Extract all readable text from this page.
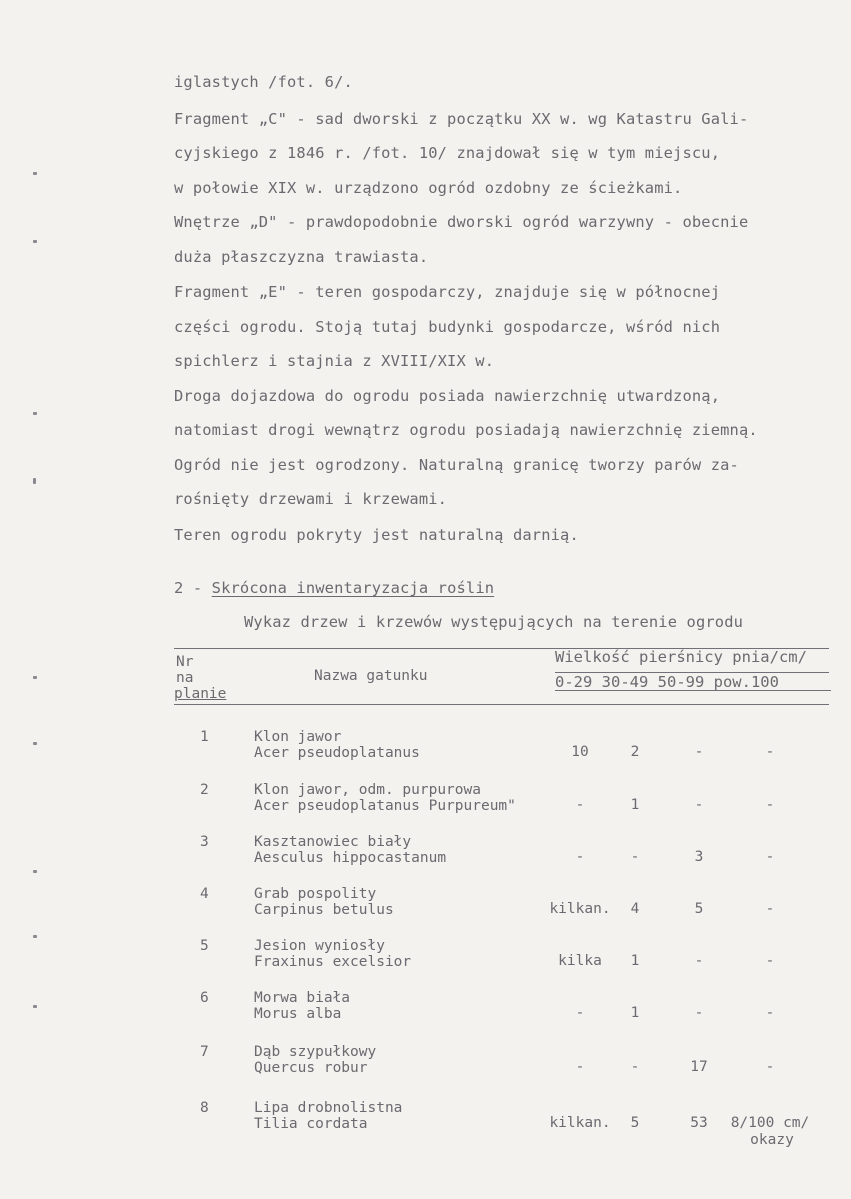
iglastych /fot. 6/.
Fragment „C" - sad dworski z początku XX w. wg Katastru Gali-
cyjskiego z 1846 r. /fot. 10/ znajdował się w tym miejscu,
w połowie XIX w. urządzono ogród ozdobny ze ścieżkami.
Wnętrze „D" - prawdopodobnie dworski ogród warzywny - obecnie
duża płaszczyzna trawiasta.
Fragment „E" - teren gospodarczy, znajduje się w północnej
części ogrodu. Stoją tutaj budynki gospodarcze, wśród nich
spichlerz i stajnia z XVIII/XIX w.
Droga dojazdowa do ogrodu posiada nawierzchnię utwardzoną,
natomiast drogi wewnątrz ogrodu posiadają nawierzchnię ziemną.
Ogród nie jest ogrodzony. Naturalną granicę tworzy parów za-
rośnięty drzewami i krzewami.
Teren ogrodu pokryty jest naturalną darnią.
2 - Skrócona inwentaryzacja roślin
Wykaz drzew i krzewów występujących na terenie ogrodu
Nr
na
planie
Nazwa gatunku
Wielkość pierśnicy pnia/cm/
0-29 30-49 50-99 pow.100
1	Klon jawor
Acer pseudoplatanus	10	2	-	-
2	Klon jawor, odm. purpurowa
Acer pseudoplatanus Purpureum"	-	1	-	-
3	Kasztanowiec biały
Aesculus hippocastanum	-	-	3	-
4	Grab pospolity
Carpinus betulus	kilkan.	4	5	-
5	Jesion wyniosły
Fraxinus excelsior	kilka	1	-	-
6	Morwa biała
Morus alba	-	1	-	-
7	Dąb szypułkowy
Quercus robur	-	-	17	-
8	Lipa drobnolistna
Tilia cordata	kilkan.	5	53	8/100 cm/
okazy
